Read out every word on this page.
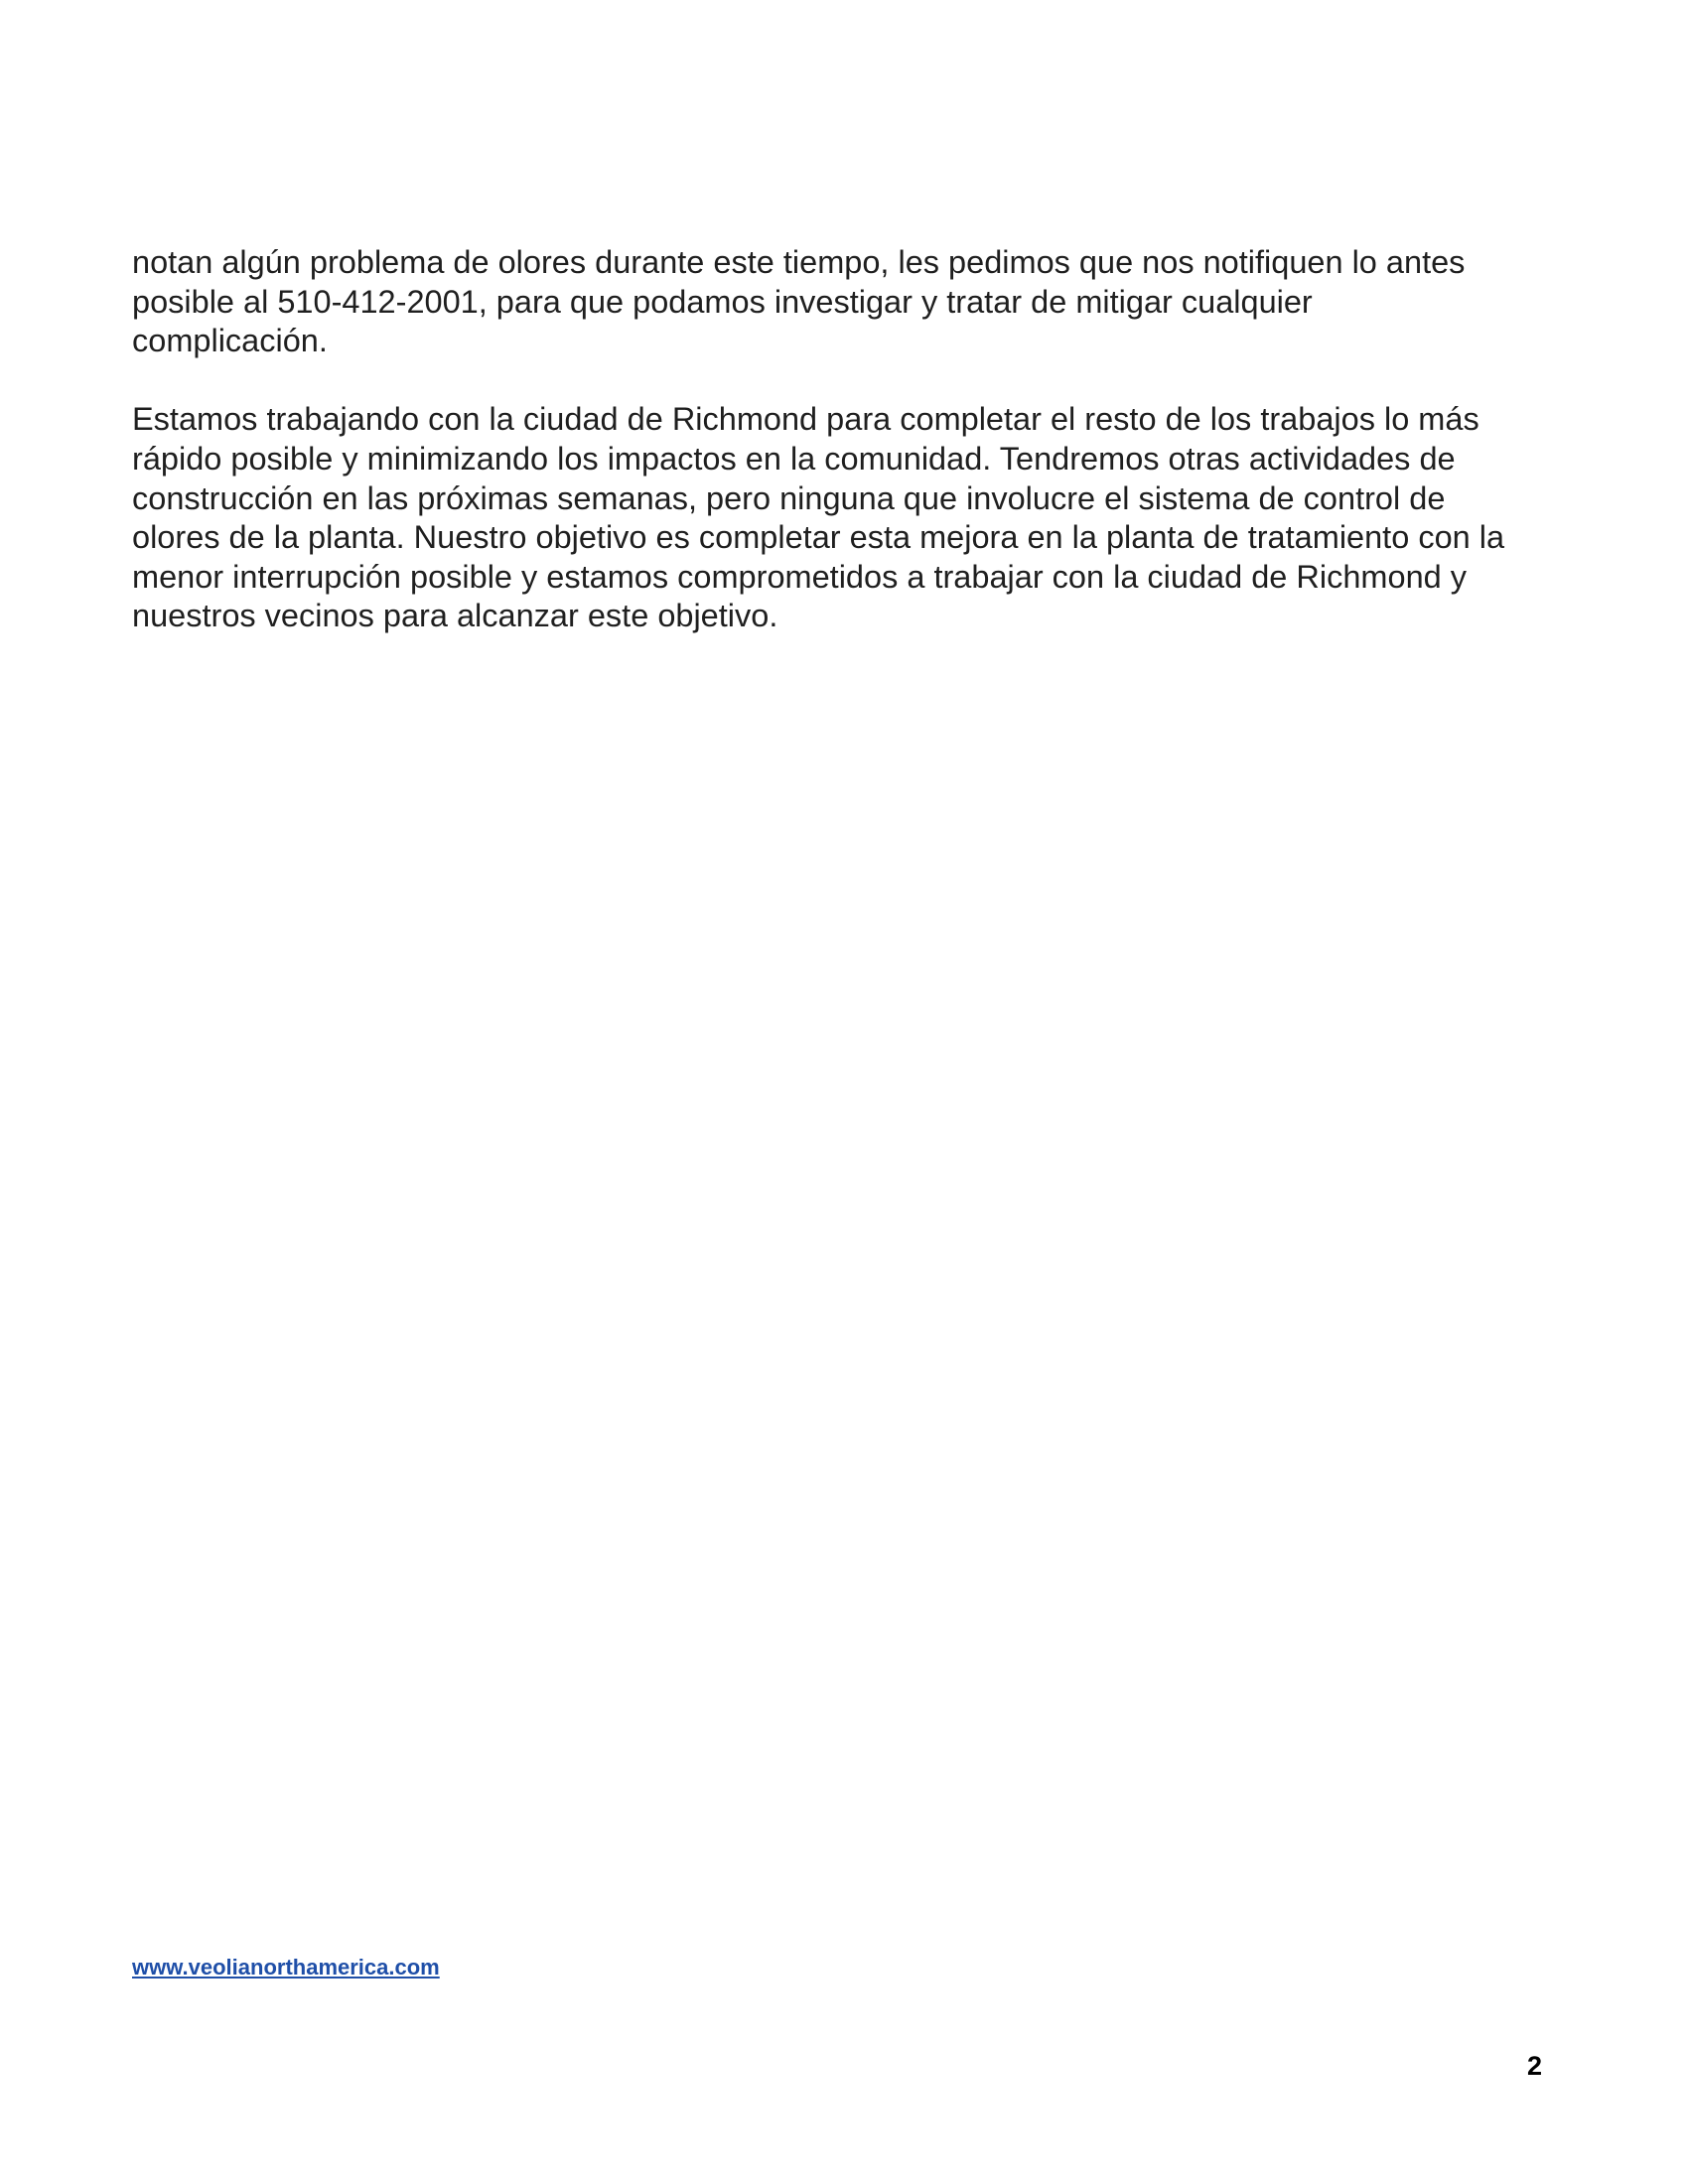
notan algún problema de olores durante este tiempo, les pedimos que nos notifiquen lo antes
posible al 510-412-2001, para que podamos investigar y tratar de mitigar cualquier
complicación.

Estamos trabajando con la ciudad de Richmond para completar el resto de los trabajos lo más
rápido posible y minimizando los impactos en la comunidad. Tendremos otras actividades de
construcción en las próximas semanas, pero ninguna que involucre el sistema de control de
olores de la planta. Nuestro objetivo es completar esta mejora en la planta de tratamiento con la
menor interrupción posible y estamos comprometidos a trabajar con la ciudad de Richmond y
nuestros vecinos para alcanzar este objetivo.

www.veolianorthamerica.com
2
